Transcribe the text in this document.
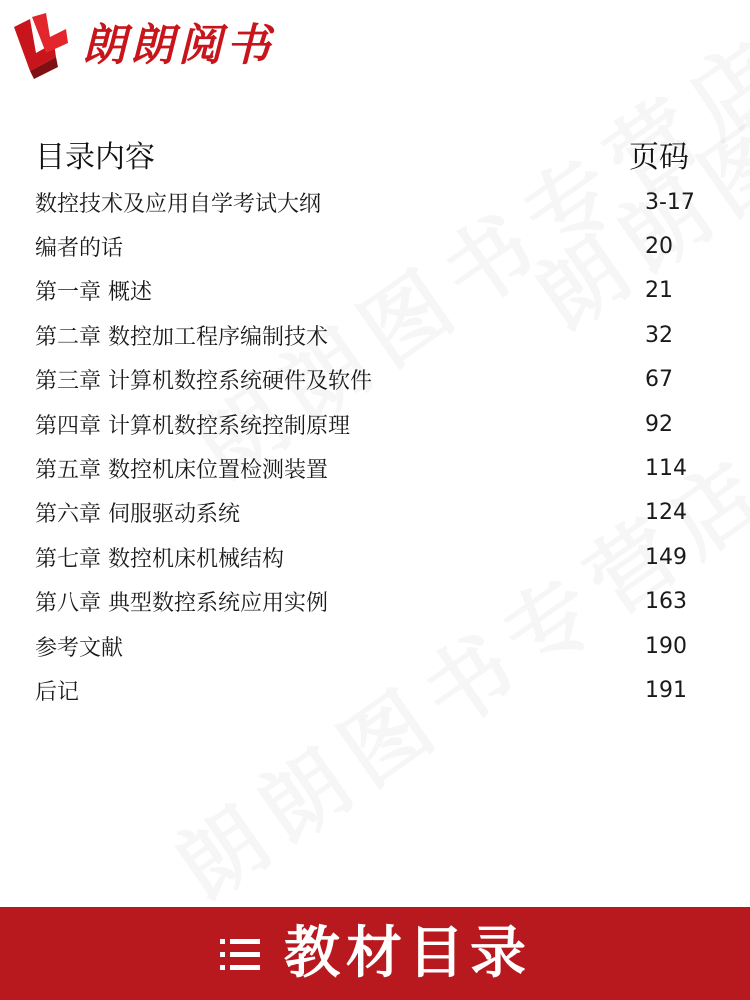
朗朗阅书
目录内容	页码
数控技术及应用自学考试大纲	3-17
编者的话	20
第一章 概述	21
第二章 数控加工程序编制技术	32
第三章 计算机数控系统硬件及软件	67
第四章 计算机数控系统控制原理	92
第五章 数控机床位置检测装置	114
第六章 伺服驱动系统	124
第七章 数控机床机械结构	149
第八章 典型数控系统应用实例	163
参考文献	190
后记	191
教材目录
